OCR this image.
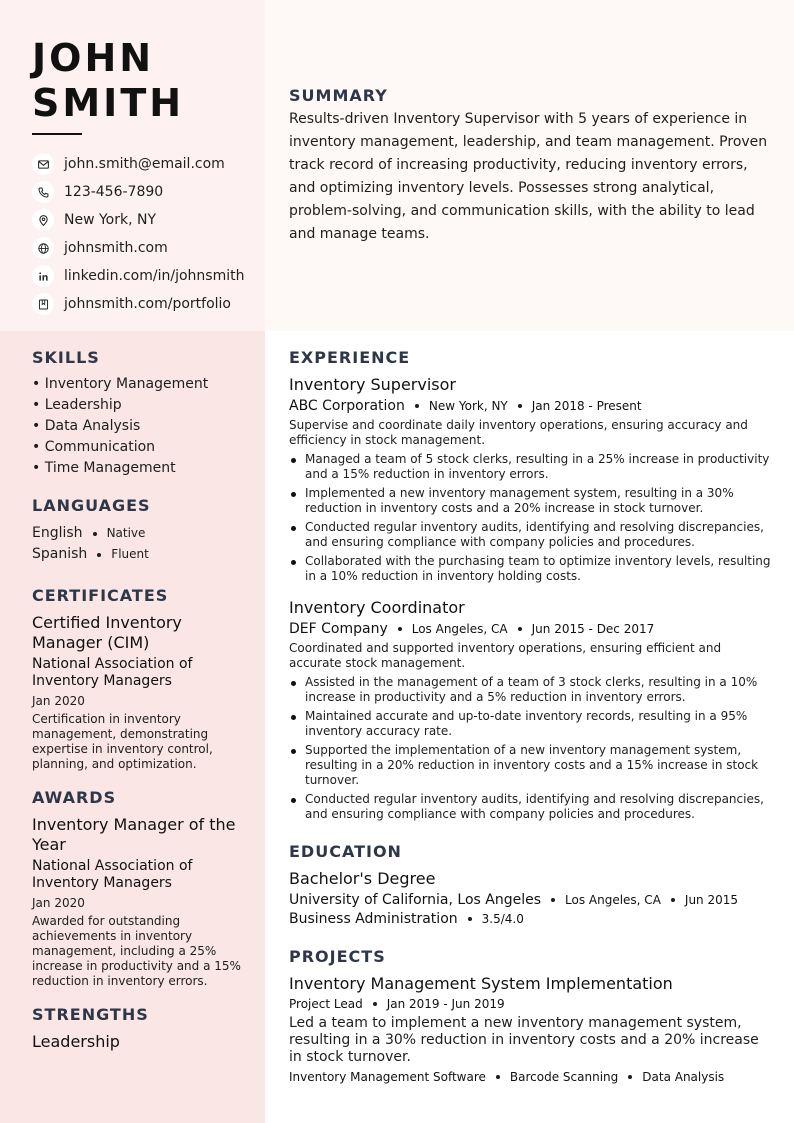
JOHN
SMITH
john.smith@email.com
123-456-7890
New York, NY
johnsmith.com
linkedin.com/in/johnsmith
johnsmith.com/portfolio
SUMMARY
Results-driven Inventory Supervisor with 5 years of experience in inventory management, leadership, and team management. Proven track record of increasing productivity, reducing inventory errors, and optimizing inventory levels. Possesses strong analytical, problem-solving, and communication skills, with the ability to lead and manage teams.
SKILLS
• Inventory Management
• Leadership
• Data Analysis
• Communication
• Time Management
LANGUAGES
English Native
Spanish Fluent
CERTIFICATES
Certified Inventory Manager (CIM)
National Association of Inventory Managers
Jan 2020
Certification in inventory management, demonstrating expertise in inventory control, planning, and optimization.
AWARDS
Inventory Manager of the Year
National Association of Inventory Managers
Jan 2020
Awarded for outstanding achievements in inventory management, including a 25% increase in productivity and a 15% reduction in inventory errors.
STRENGTHS
Leadership
EXPERIENCE
Inventory Supervisor
ABC Corporation New York, NY Jan 2018 - Present
Supervise and coordinate daily inventory operations, ensuring accuracy and efficiency in stock management.
Managed a team of 5 stock clerks, resulting in a 25% increase in productivity and a 15% reduction in inventory errors.
Implemented a new inventory management system, resulting in a 30% reduction in inventory costs and a 20% increase in stock turnover.
Conducted regular inventory audits, identifying and resolving discrepancies, and ensuring compliance with company policies and procedures.
Collaborated with the purchasing team to optimize inventory levels, resulting in a 10% reduction in inventory holding costs.
Inventory Coordinator
DEF Company Los Angeles, CA Jun 2015 - Dec 2017
Coordinated and supported inventory operations, ensuring efficient and accurate stock management.
Assisted in the management of a team of 3 stock clerks, resulting in a 10% increase in productivity and a 5% reduction in inventory errors.
Maintained accurate and up-to-date inventory records, resulting in a 95% inventory accuracy rate.
Supported the implementation of a new inventory management system, resulting in a 20% reduction in inventory costs and a 15% increase in stock turnover.
Conducted regular inventory audits, identifying and resolving discrepancies, and ensuring compliance with company policies and procedures.
EDUCATION
Bachelor's Degree
University of California, Los Angeles Los Angeles, CA Jun 2015
Business Administration 3.5/4.0
PROJECTS
Inventory Management System Implementation
Project Lead Jan 2019 - Jun 2019
Led a team to implement a new inventory management system, resulting in a 30% reduction in inventory costs and a 20% increase in stock turnover.
Inventory Management Software Barcode Scanning Data Analysis
